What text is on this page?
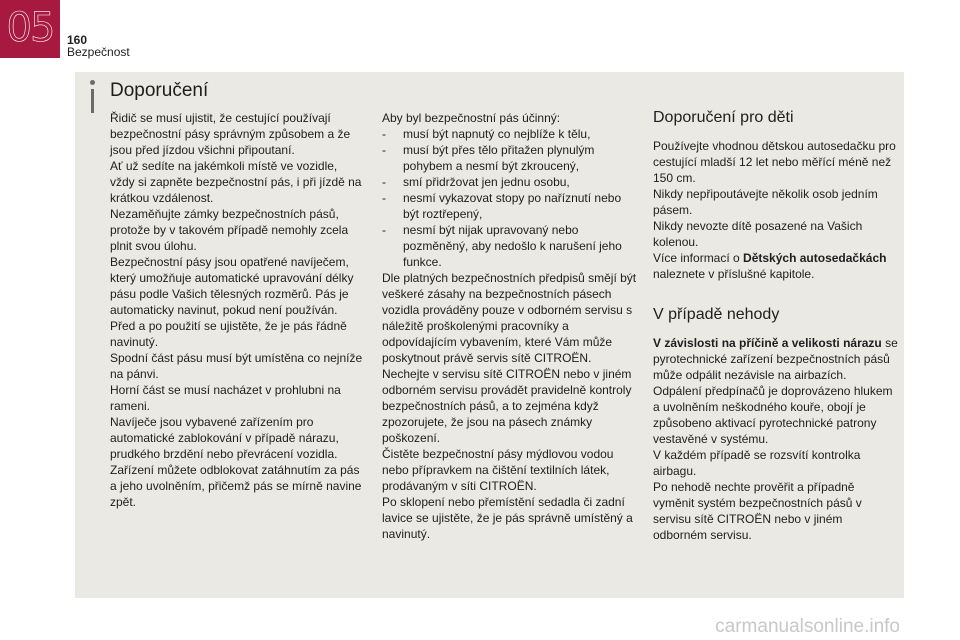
05	160
Bezpečnost
Doporučení

Řidič se musí ujistit, že cestující používají bezpečnostní pásy správným způsobem a že jsou před jízdou všichni připoutaní.

Ať už sedíte na jakémkoli místě ve vozidle, vždy si zapněte bezpečnostní pás, i při jízdě na krátkou vzdálenost.

Nezaměňujte zámky bezpečnostních pásů, protože by v takovém případě nemohly zcela plnit svou úlohu.

Bezpečnostní pásy jsou opatřené navíječem, který umožňuje automatické upravování délky pásu podle Vašich tělesných rozměrů. Pás je automaticky navinut, pokud není používán.

Před a po použití se ujistěte, že je pás řádně navinutý.

Spodní část pásu musí být umístěna co nejníže na pánvi.

Horní část se musí nacházet v prohlubni na rameni.

Navíječe jsou vybavené zařízením pro automatické zablokování v případě nárazu, prudkého brzdění nebo převrácení vozidla. Zařízení můžete odblokovat zatáhnutím za pás a jeho uvolněním, přičemž pás se mírně navine zpět.

Aby byl bezpečnostní pás účinný:

- musí být napnutý co nejblíže k tělu,
- musí být přes tělo přitažen plynulým pohybem a nesmí být zkroucený,
- smí přidržovat jen jednu osobu,
- nesmí vykazovat stopy po naříznutí nebo být roztřepený,
- nesmí být nijak upravovaný nebo pozměněný, aby nedošlo k narušení jeho funkce.

Dle platných bezpečnostních předpisů smějí být veškeré zásahy na bezpečnostních pásech vozidla prováděny pouze v odborném servisu s náležitě proškolenými pracovníky a odpovídajícím vybavením, které Vám může poskytnout právě servis sítě CITROËN.

Nechejte v servisu sítě CITROËN nebo v jiném odborném servisu provádět pravidelně kontroly bezpečnostních pásů, a to zejména když zpozorujete, že jsou na pásech známky poškození.

Čistěte bezpečnostní pásy mýdlovou vodou nebo přípravkem na čištění textilních látek, prodávaným v síti CITROËN.

Po sklopení nebo přemístění sedadla či zadní lavice se ujistěte, že je pás správně umístěný a navinutý.

Doporučení pro děti

Používejte vhodnou dětskou autosedačku pro cestující mladší 12 let nebo měřící méně než 150 cm.

Nikdy nepřipoutávejte několik osob jedním pásem.

Nikdy nevozte dítě posazené na Vašich kolenou.

Více informací o Dětských autosedačkách naleznete v příslušné kapitole.

V případě nehody

V závislosti na příčině a velikosti nárazu se pyrotechnické zařízení bezpečnostních pásů může odpálit nezávisle na airbazích.

Odpálení předpínačů je doprovázeno hlukem a uvolněním neškodného kouře, obojí je způsobeno aktivací pyrotechnické patrony vestavěné v systému.

V každém případě se rozsvítí kontrolka airbagu.

Po nehodě nechte prověřit a případně vyměnit systém bezpečnostních pásů v servisu sítě CITROËN nebo v jiném odborném servisu.

carmanualsonline.info
